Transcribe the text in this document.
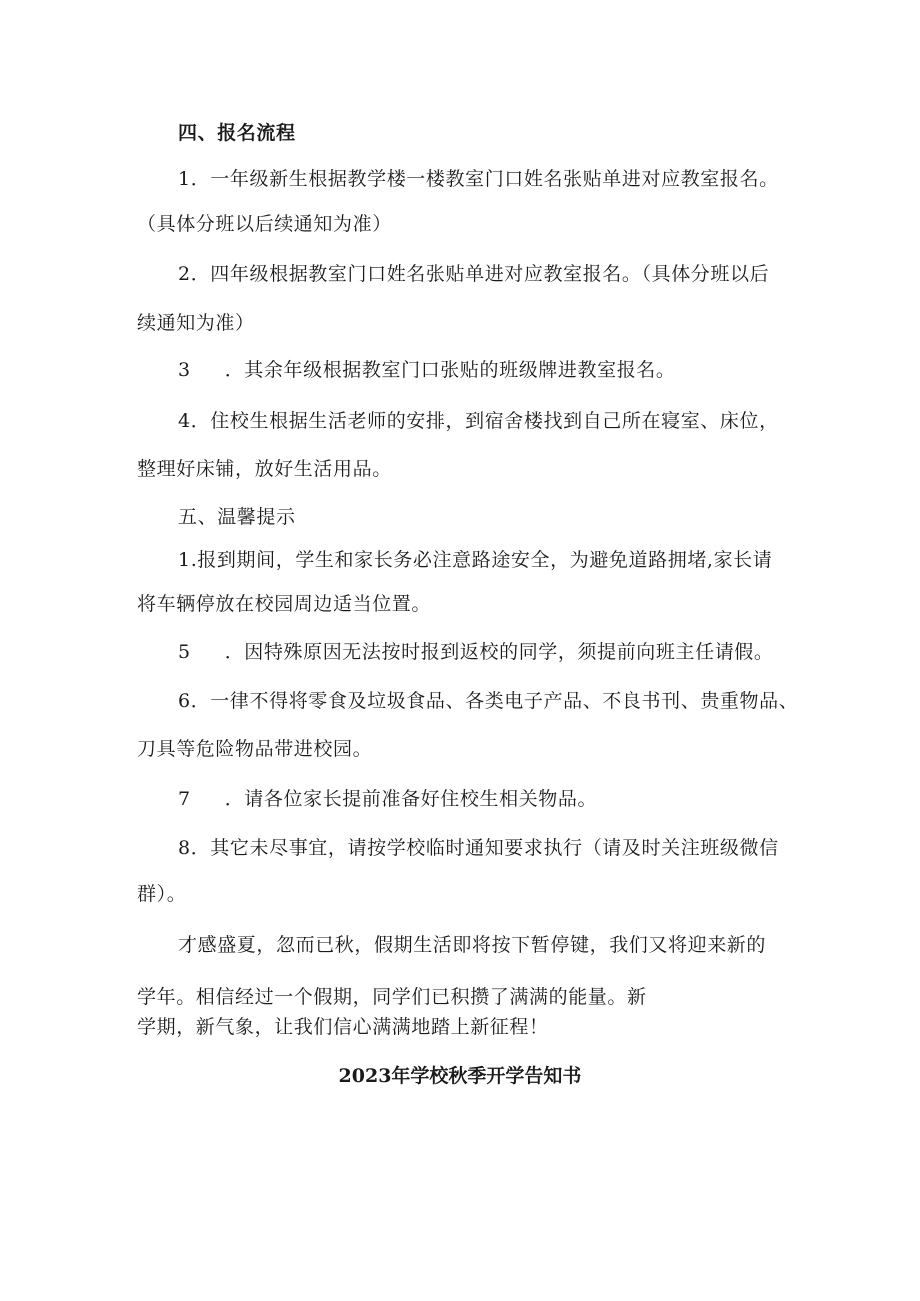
四、报名流程
1．一年级新生根据教学楼一楼教室门口姓名张贴单进对应教室报名。
（具体分班以后续通知为准）
2．四年级根据教室门口姓名张贴单进对应教室报名。（具体分班以后
续通知为准）
3 ．其余年级根据教室门口张贴的班级牌进教室报名。
4．住校生根据生活老师的安排，到宿舍楼找到自己所在寝室、床位，
整理好床铺，放好生活用品。
五、温馨提示
1.报到期间，学生和家长务必注意路途安全，为避免道路拥堵,家长请
将车辆停放在校园周边适当位置。
5 ．因特殊原因无法按时报到返校的同学，须提前向班主任请假。
6．一律不得将零食及垃圾食品、各类电子产品、不良书刊、贵重物品、
刀具等危险物品带进校园。
7 ．请各位家长提前准备好住校生相关物品。
8．其它未尽事宜，请按学校临时通知要求执行（请及时关注班级微信
群）。
才感盛夏，忽而已秋，假期生活即将按下暂停键，我们又将迎来新的
学年。相信经过一个假期，同学们已积攒了满满的能量。新
学期，新气象，让我们信心满满地踏上新征程！
2023年学校秋季开学告知书
